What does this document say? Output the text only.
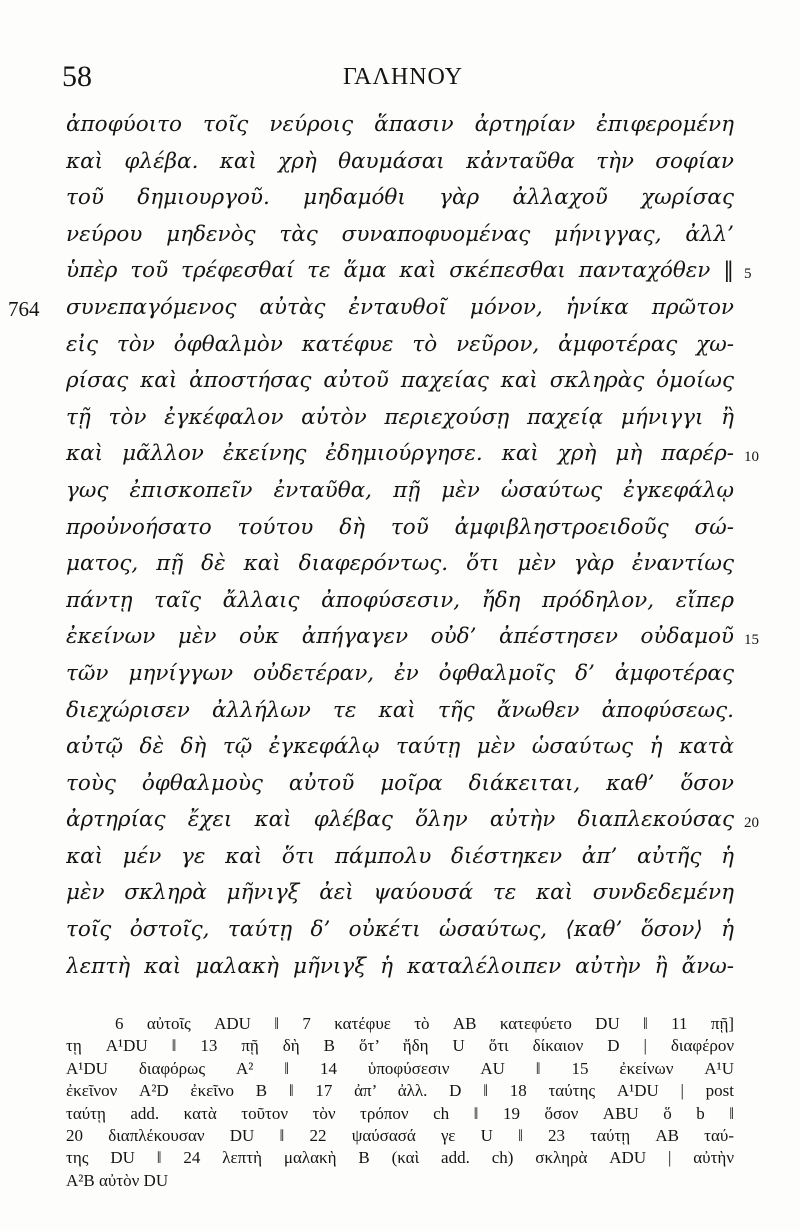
58	ΓΑΛΗΝΟΥ
ἀποφύοιτο τοῖς νεύροις ἅπασιν ἀρτηρίαν ἐπιφερομένη
καὶ φλέβα. καὶ χρὴ θαυμάσαι κἀνταῦθα τὴν σοφίαν
τοῦ δημιουργοῦ. μηδαμόθι γὰρ ἀλλαχοῦ χωρίσας
νεύρου μηδενὸς τὰς συναποφυομένας μήνιγγας, ἀλλ’
ὑπὲρ τοῦ τρέφεσθαί τε ἅμα καὶ σκέπεσθαι πανταχόθεν ‖ 5
764 συνεπαγόμενος αὐτὰς ἐνταυθοῖ μόνον, ἡνίκα πρῶτον
εἰς τὸν ὀφθαλμὸν κατέφυε τὸ νεῦρον, ἀμφοτέρας χω-
ρίσας καὶ ἀποστήσας αὐτοῦ παχείας καὶ σκληρὰς ὁμοίως
τῇ τὸν ἐγκέφαλον αὐτὸν περιεχούσῃ παχείᾳ μήνιγγι ἢ
καὶ μᾶλλον ἐκείνης ἐδημιούργησε. καὶ χρὴ μὴ παρέρ- 10
γως ἐπισκοπεῖν ἐνταῦθα, πῇ μὲν ὡσαύτως ἐγκεφάλῳ
προὐνοήσατο τούτου δὴ τοῦ ἀμφιβληστροειδοῦς σώ-
ματος, πῇ δὲ καὶ διαφερόντως. ὅτι μὲν γὰρ ἐναντίως
πάντῃ ταῖς ἄλλαις ἀποφύσεσιν, ἤδη πρόδηλον, εἴπερ
ἐκείνων μὲν οὐκ ἀπήγαγεν οὐδ’ ἀπέστησεν οὐδαμοῦ 15
τῶν μηνίγγων οὐδετέραν, ἐν ὀφθαλμοῖς δ’ ἀμφοτέρας
διεχώρισεν ἀλλήλων τε καὶ τῆς ἄνωθεν ἀποφύσεως.
αὐτῷ δὲ δὴ τῷ ἐγκεφάλῳ ταύτῃ μὲν ὡσαύτως ἡ κατὰ
τοὺς ὀφθαλμοὺς αὐτοῦ μοῖρα διάκειται, καθ’ ὅσον
ἀρτηρίας ἔχει καὶ φλέβας ὅλην αὐτὴν διαπλεκούσας 20
καὶ μέν γε καὶ ὅτι πάμπολυ διέστηκεν ἀπ’ αὐτῆς ἡ
μὲν σκληρὰ μῆνιγξ ἀεὶ ψαύουσά τε καὶ συνδεδεμένη
τοῖς ὀστοῖς, ταύτῃ δ’ οὐκέτι ὡσαύτως, ⟨καθ’ ὅσον⟩ ἡ
λεπτὴ καὶ μαλακὴ μῆνιγξ ἡ καταλέλοιπεν αὐτὴν ἢ ἄνω-
6 αὐτοῖς ADU ‖ 7 κατέφυε τὸ AB κατεφύετο DU ‖ 11 πῇ]
τῃ A¹DU ‖ 13 πῇ δὴ B ὅτ’ ἤδη U ὅτι δίκαιον D | διαφέρον
A¹DU διαφόρως A² ‖ 14 ὑποφύσεσιν AU ‖ 15 ἐκείνων A¹U
ἐκεῖνον A²D ἐκεῖνο B ‖ 17 ἀπ’ ἀλλ. D ‖ 18 ταύτης A¹DU | post
ταύτῃ add. κατὰ τοῦτον τὸν τρόπον ch ‖ 19 ὅσον ABU ὅ b ‖
20 διαπλέκουσαν DU ‖ 22 ψαύσασά γε U ‖ 23 ταύτῃ AB ταύ-
της DU ‖ 24 λεπτὴ μαλακὴ B (καὶ add. ch) σκληρὰ ADU | αὐτὴν
A²B αὐτὸν DU
